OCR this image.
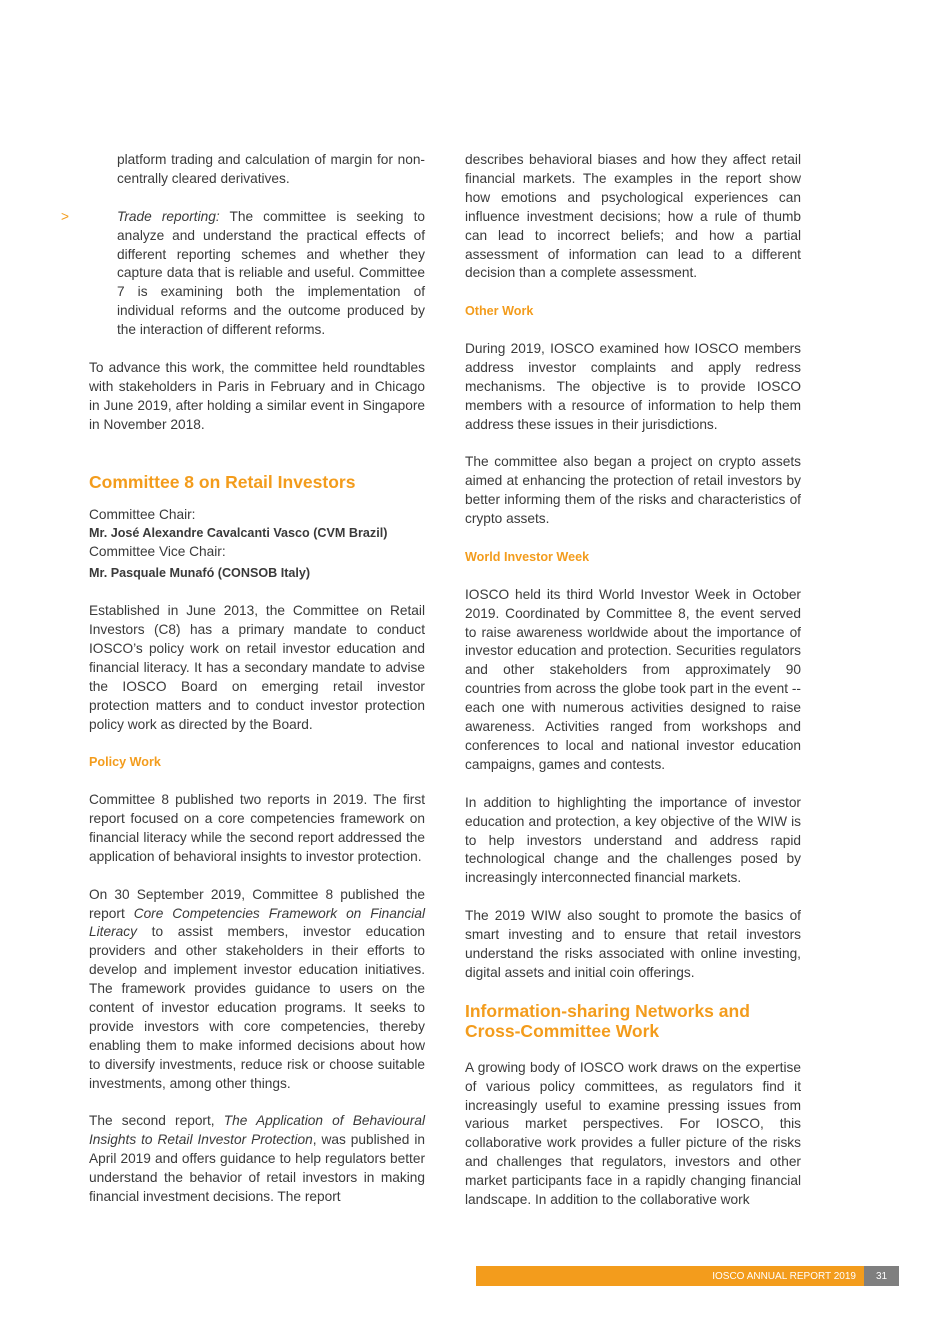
platform trading and calculation of margin for non-centrally cleared derivatives.

>	Trade reporting: The committee is seeking to analyze and understand the practical effects of different reporting schemes and whether they capture data that is reliable and useful. Committee 7 is examining both the implementation of individual reforms and the outcome produced by the interaction of different reforms.

To advance this work, the committee held roundtables with stakeholders in Paris in February and in Chicago in June 2019, after holding a similar event in Singapore in November 2018.

Committee 8 on Retail Investors
Committee Chair:
Mr. José Alexandre Cavalcanti Vasco (CVM Brazil)
Committee Vice Chair:
Mr. Pasquale Munafó (CONSOB Italy)

Established in June 2013, the Committee on Retail Investors (C8) has a primary mandate to conduct IOSCO’s policy work on retail investor education and financial literacy. It has a secondary mandate to advise the IOSCO Board on emerging retail investor protection matters and to conduct investor protection policy work as directed by the Board.

Policy Work

Committee 8 published two reports in 2019. The first report focused on a core competencies framework on financial literacy while the second report addressed the application of behavioral insights to investor protection.

On 30 September 2019, Committee 8 published the report Core Competencies Framework on Financial Literacy to assist members, investor education providers and other stakeholders in their efforts to develop and implement investor education initiatives. The framework provides guidance to users on the content of investor education programs. It seeks to provide investors with core competencies, thereby enabling them to make informed decisions about how to diversify investments, reduce risk or choose suitable investments, among other things.

The second report, The Application of Behavioural Insights to Retail Investor Protection, was published in April 2019 and offers guidance to help regulators better understand the behavior of retail investors in making financial investment decisions. The report

describes behavioral biases and how they affect retail financial markets. The examples in the report show how emotions and psychological experiences can influence investment decisions; how a rule of thumb can lead to incorrect beliefs; and how a partial assessment of information can lead to a different decision than a complete assessment.

Other Work

During 2019, IOSCO examined how IOSCO members address investor complaints and apply redress mechanisms. The objective is to provide IOSCO members with a resource of information to help them address these issues in their jurisdictions.

The committee also began a project on crypto assets aimed at enhancing the protection of retail investors by better informing them of the risks and characteristics of crypto assets.

World Investor Week

IOSCO held its third World Investor Week in October 2019. Coordinated by Committee 8, the event served to raise awareness worldwide about the importance of investor education and protection. Securities regulators and other stakeholders from approximately 90 countries from across the globe took part in the event -- each one with numerous activities designed to raise awareness. Activities ranged from workshops and conferences to local and national investor education campaigns, games and contests.

In addition to highlighting the importance of investor education and protection, a key objective of the WIW is to help investors understand and address rapid technological change and the challenges posed by increasingly interconnected financial markets.

The 2019 WIW also sought to promote the basics of smart investing and to ensure that retail investors understand the risks associated with online investing, digital assets and initial coin offerings.

Information-sharing Networks and Cross-Committee Work

A growing body of IOSCO work draws on the expertise of various policy committees, as regulators find it increasingly useful to examine pressing issues from various market perspectives. For IOSCO, this collaborative work provides a fuller picture of the risks and challenges that regulators, investors and other market participants face in a rapidly changing financial landscape. In addition to the collaborative work

IOSCO ANNUAL REPORT 2019	31
